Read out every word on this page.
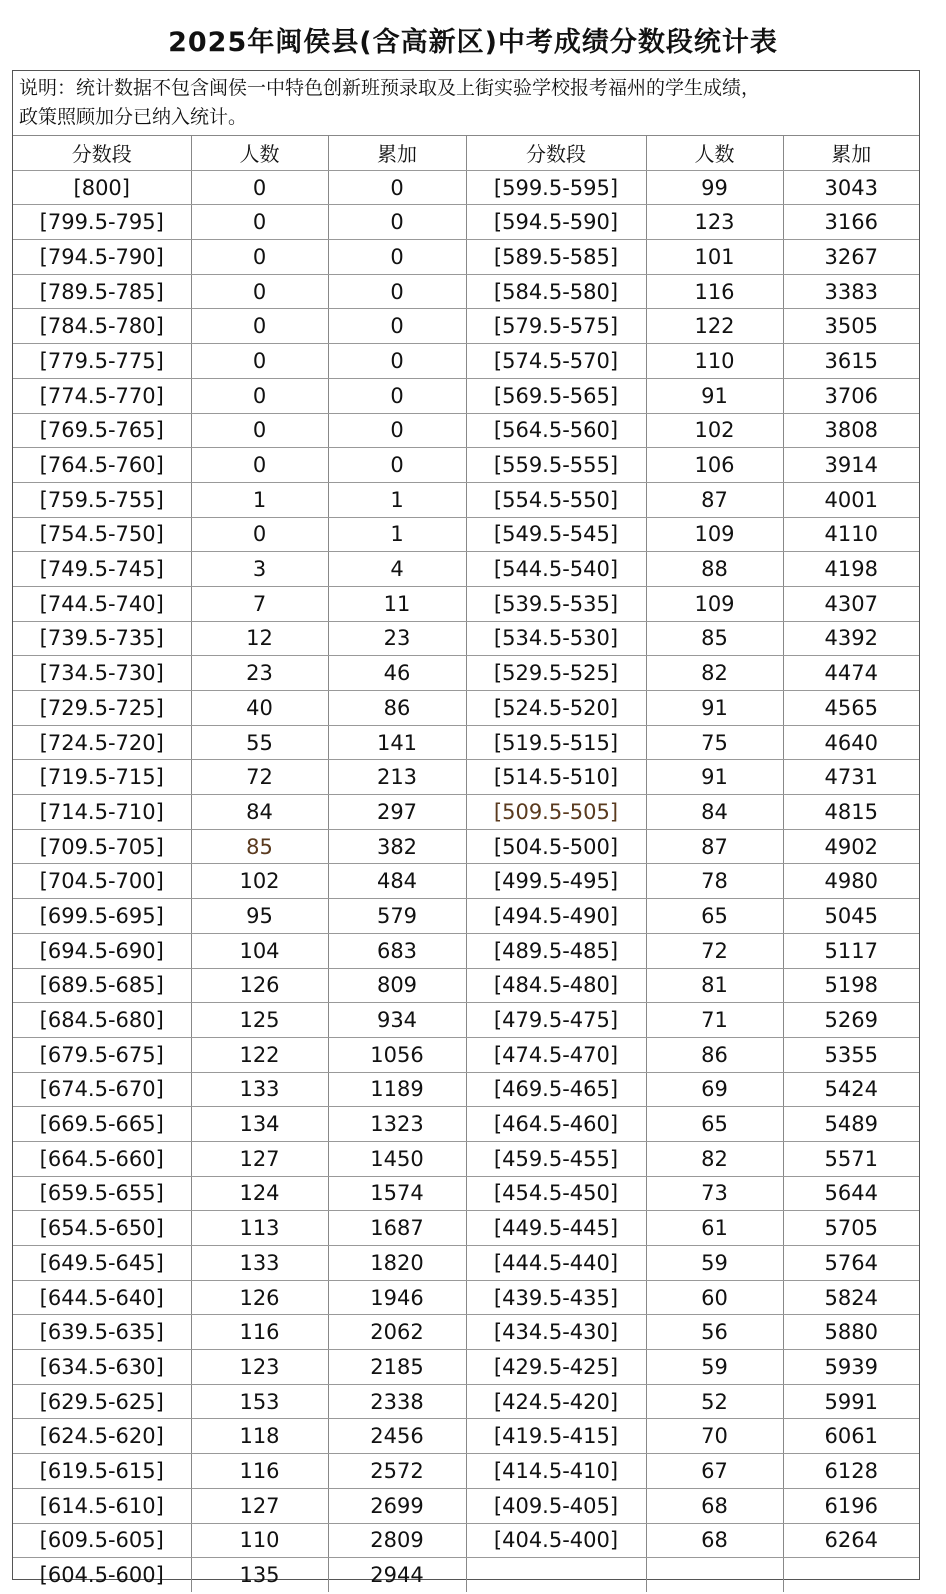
2025年闽侯县(含高新区)中考成绩分数段统计表
说明：统计数据不包含闽侯一中特色创新班预录取及上街实验学校报考福州的学生成绩，
政策照顾加分已纳入统计。
分数段	人数	累加	分数段	人数	累加
[800]	0	0	[599.5-595]	99	3043
[799.5-795]	0	0	[594.5-590]	123	3166
[794.5-790]	0	0	[589.5-585]	101	3267
[789.5-785]	0	0	[584.5-580]	116	3383
[784.5-780]	0	0	[579.5-575]	122	3505
[779.5-775]	0	0	[574.5-570]	110	3615
[774.5-770]	0	0	[569.5-565]	91	3706
[769.5-765]	0	0	[564.5-560]	102	3808
[764.5-760]	0	0	[559.5-555]	106	3914
[759.5-755]	1	1	[554.5-550]	87	4001
[754.5-750]	0	1	[549.5-545]	109	4110
[749.5-745]	3	4	[544.5-540]	88	4198
[744.5-740]	7	11	[539.5-535]	109	4307
[739.5-735]	12	23	[534.5-530]	85	4392
[734.5-730]	23	46	[529.5-525]	82	4474
[729.5-725]	40	86	[524.5-520]	91	4565
[724.5-720]	55	141	[519.5-515]	75	4640
[719.5-715]	72	213	[514.5-510]	91	4731
[714.5-710]	84	297	[509.5-505]	84	4815
[709.5-705]	85	382	[504.5-500]	87	4902
[704.5-700]	102	484	[499.5-495]	78	4980
[699.5-695]	95	579	[494.5-490]	65	5045
[694.5-690]	104	683	[489.5-485]	72	5117
[689.5-685]	126	809	[484.5-480]	81	5198
[684.5-680]	125	934	[479.5-475]	71	5269
[679.5-675]	122	1056	[474.5-470]	86	5355
[674.5-670]	133	1189	[469.5-465]	69	5424
[669.5-665]	134	1323	[464.5-460]	65	5489
[664.5-660]	127	1450	[459.5-455]	82	5571
[659.5-655]	124	1574	[454.5-450]	73	5644
[654.5-650]	113	1687	[449.5-445]	61	5705
[649.5-645]	133	1820	[444.5-440]	59	5764
[644.5-640]	126	1946	[439.5-435]	60	5824
[639.5-635]	116	2062	[434.5-430]	56	5880
[634.5-630]	123	2185	[429.5-425]	59	5939
[629.5-625]	153	2338	[424.5-420]	52	5991
[624.5-620]	118	2456	[419.5-415]	70	6061
[619.5-615]	116	2572	[414.5-410]	67	6128
[614.5-610]	127	2699	[409.5-405]	68	6196
[609.5-605]	110	2809	[404.5-400]	68	6264
[604.5-600]	135	2944			
